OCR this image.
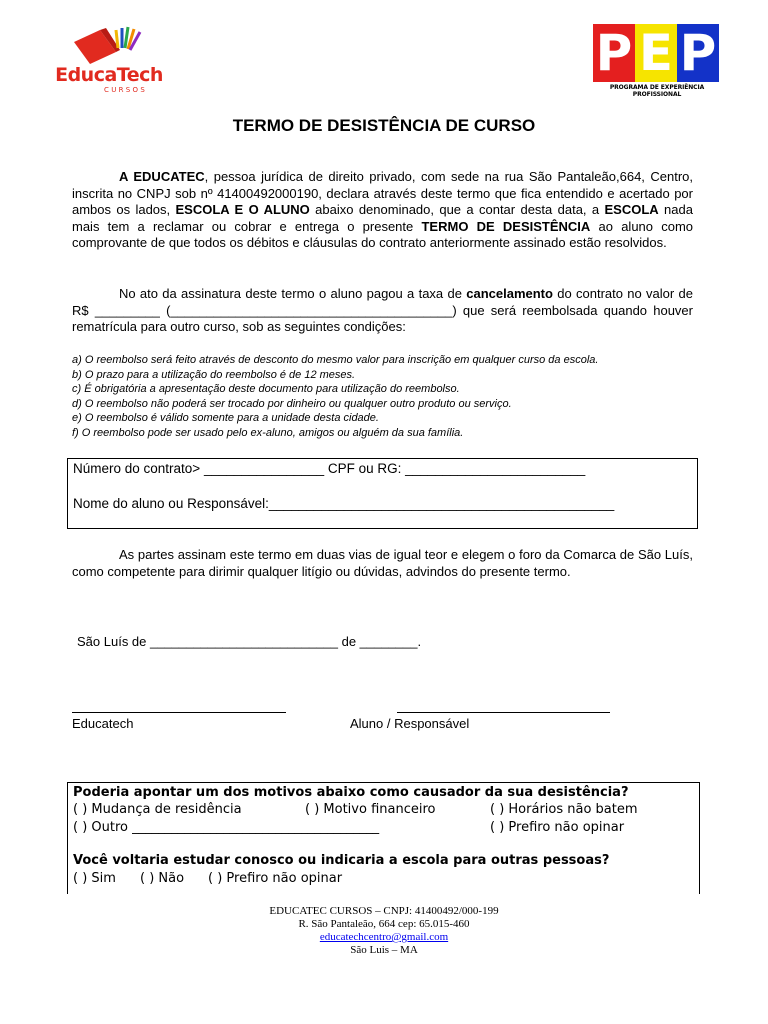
EducaTech
CURSOS
P E P
PROGRAMA DE EXPERIÊNCIA PROFISSIONAL
TERMO DE DESISTÊNCIA DE CURSO

A EDUCATEC, pessoa jurídica de direito privado, com sede na rua São Pantaleão,664, Centro, inscrita no CNPJ sob nº 41400492000190, declara através deste termo que fica entendido e acertado por ambos os lados, ESCOLA E O ALUNO abaixo denominado, que a contar desta data, a ESCOLA nada mais tem a reclamar ou cobrar e entrega o presente TERMO DE DESISTÊNCIA ao aluno como comprovante de que todos os débitos e cláusulas do contrato anteriormente assinado estão resolvidos.

No ato da assinatura deste termo o aluno pagou a taxa de cancelamento do contrato no valor de R$ _________ (_______________________________________) que será reembolsada quando houver rematrícula para outro curso, sob as seguintes condições:

a) O reembolso será feito através de desconto do mesmo valor para inscrição em qualquer curso da escola.
b) O prazo para a utilização do reembolso é de 12 meses.
c) É obrigatória a apresentação deste documento para utilização do reembolso.
d) O reembolso não poderá ser trocado por dinheiro ou qualquer outro produto ou serviço.
e) O reembolso é válido somente para a unidade desta cidade.
f) O reembolso pode ser usado pelo ex-aluno, amigos ou alguém da sua família.
Número do contrato> ________________ CPF ou RG: ________________________
Nome do aluno ou Responsável:______________________________________________

As partes assinam este termo em duas vias de igual teor e elegem o foro da Comarca de São Luís, como competente para dirimir qualquer litígio ou dúvidas, advindos do presente termo.

São Luís de __________________________ de ________.
Educatech	Aluno / Responsável
Poderia apontar um dos motivos abaixo como causador da sua desistência?
( ) Mudança de residência	( ) Motivo financeiro	( ) Horários não batem
( ) Outro ______________________________________	( ) Prefiro não opinar
Você voltaria estudar conosco ou indicaria a escola para outras pessoas?
( ) Sim ( ) Não ( ) Prefiro não opinar
EDUCATEC CURSOS – CNPJ: 41400492/000-199
R. São Pantaleão, 664 cep: 65.015-460
educatechcentro@gmail.com
São Luis – MA
